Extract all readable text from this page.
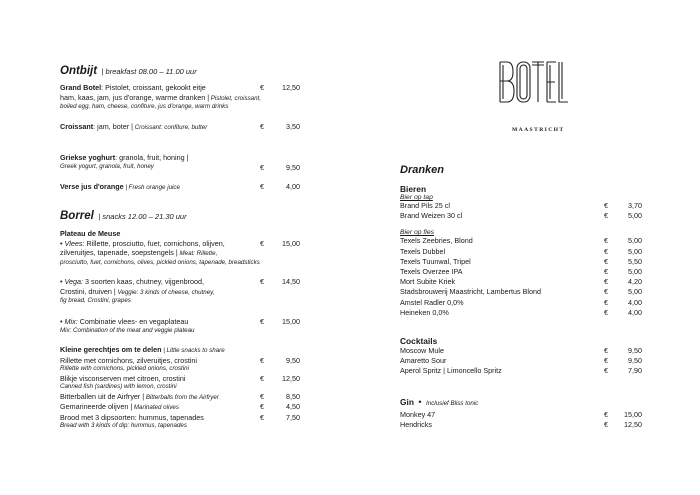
MAASTRICHT
Ontbijt | breakfast 08.00 – 11.00 uur
Grand Botel: Pistolet, croissant, gekookt eitje	€	12,50
ham, kaas, jam, jus d'orange, warme dranken | Pistolet, croissant,
boiled egg, ham, cheese, confiture, jus d'orange, warm drinks
Croissant: jam, boter | Croissant: confiture, butter	€	3,50
Griekse yoghurt: granola, fruit, honing |
Greek yogurt, granola, fruit, honey	€	9,50
Verse jus d'orange | Fresh orange juice	€	4,00
Borrel | snacks 12.00 – 21.30 uur
Plateau de Meuse
• Vlees: Rillette, prosciutto, fuet, cornichons, olijven,	€	15,00
zilveruitjes, tapenade, soepstengels | Meat: Rillette,
prosciutto, fuet, cornichons, olives, pickled onions, tapenade, breadsticks
• Vega: 3 soorten kaas, chutney, vijgenbrood,	€	14,50
Crostini, druiven | Veggie: 3 kinds of cheese, chutney,
fig bread, Crostini, grapes
• Mix: Combinatie vlees- en vegaplateau	€	15,00
Mix: Combination of the meat and veggie plateau
Kleine gerechtjes om te delen | Little snacks to share
Rillette met cornichons, zilveruitjes, crostini	€	9,50
Rillette with cornichons, pickled onions, crostini
Blikje visconserven met citroen, crostini	€	12,50
Canned fish (sardines) with lemon, crostini
Bitterballen uit de Airfryer | Bitterballs from the Airfryer	€	8,50
Gemarineerde olijven | Marinated olives	€	4,50
Brood met 3 dipsoorten: hummus, tapenades	€	7,50
Bread with 3 kinds of dip: hummus, tapenades
Dranken
Bieren
Bier op tap
Brand Pils 25 cl	€	3,70
Brand Weizen 30 cl	€	5,00
Bier op fles
Texels Zeebries, Blond	€	5,00
Texels Dubbel	€	5,00
Texels Tuunwal, Tripel	€	5,50
Texels Overzee IPA	€	5,00
Mort Subite Kriek	€	4,20
Stadsbrouwerij Maastricht, Lambertus Blond	€	5,00
Amstel Radler 0,0%	€	4,00
Heineken 0,0%	€	4,00
Cocktails
Moscow Mule	€	9,50
Amaretto Sour	€	9,50
Aperol Spritz | Limoncello Spritz	€	7,90
Gin • Inclusief Bliss tonic
Monkey 47	€	15,00
Hendricks	€	12,50
